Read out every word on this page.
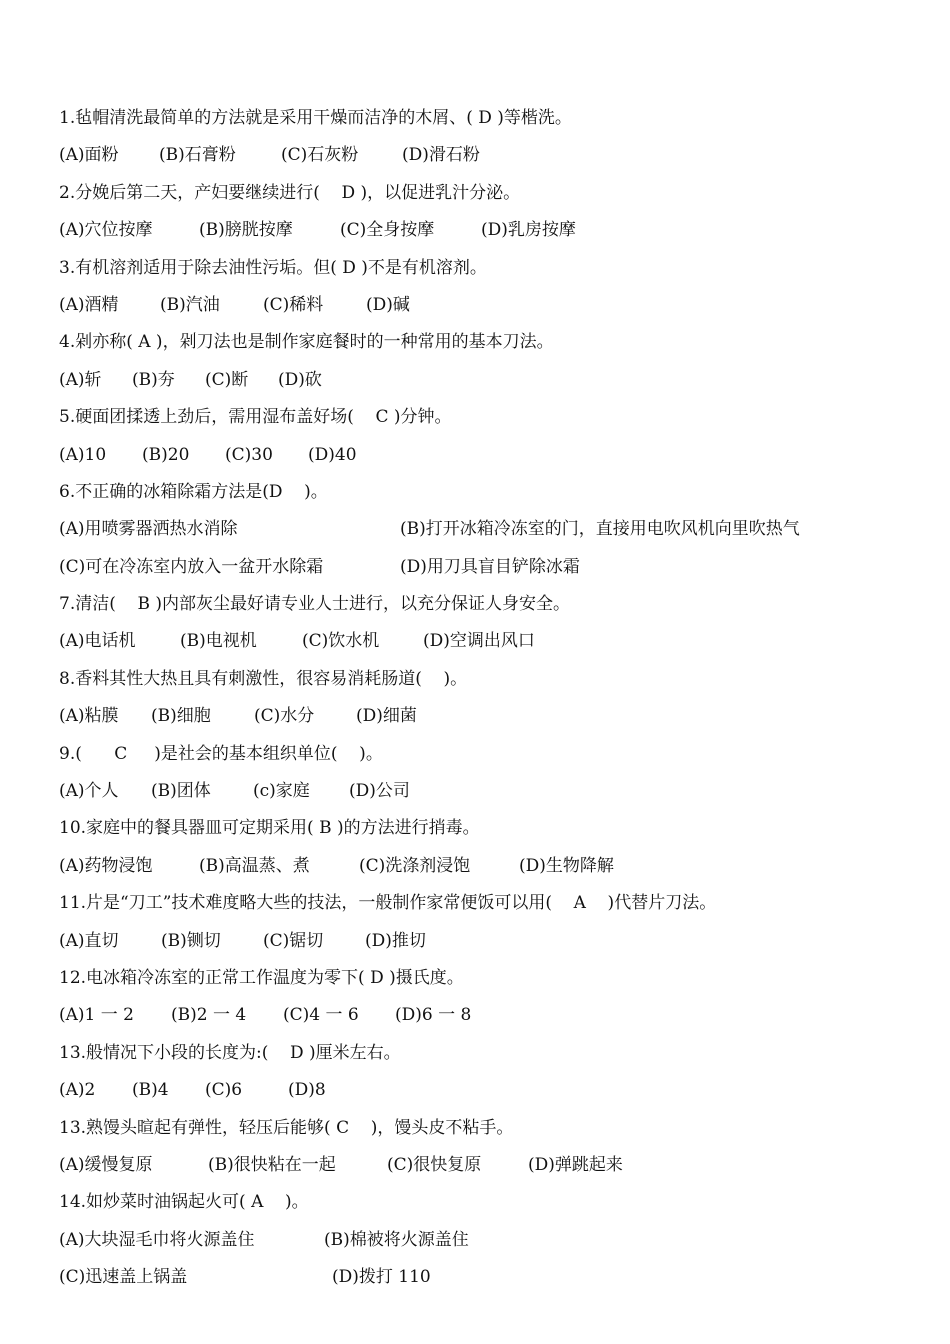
1.毡帽清洗最简单的方法就是采用干燥而洁净的木屑、( D )等楷洗。
(A)面粉	(B)石膏粉	(C)石灰粉	(D)滑石粉
2.分娩后第二天，产妇要继续进行(    D )，以促进乳汁分泌。
(A)穴位按摩	(B)膀胱按摩	(C)全身按摩	(D)乳房按摩
3.有机溶剂适用于除去油性污垢。但( D )不是有机溶剂。
(A)酒精	(B)汽油	(C)稀料	(D)碱
4.剁亦称( A )，剁刀法也是制作家庭餐时的一种常用的基本刀法。
(A)斩	(B)夯	(C)断	(D)砍
5.硬面团揉透上劲后，需用湿布盖好场(    C )分钟。
(A)10	(B)20	(C)30	(D)40
6.不正确的冰箱除霜方法是(D    )。
(A)用喷雾器洒热水消除	(B)打开冰箱冷冻室的门，直接用电吹风机向里吹热气
(C)可在冷冻室内放入一盆开水除霜	(D)用刀具盲目铲除冰霜
7.清洁(    B )内部灰尘最好请专业人士进行，以充分保证人身安全。
(A)电话机	(B)电视机	(C)饮水机	(D)空调出风口
8.香料其性大热且具有刺激性，很容易消耗肠道(    )。
(A)粘膜	(B)细胞	(C)水分	(D)细菌
9.(      C     )是社会的基本组织单位(    )。
(A)个人	(B)团体	(c)家庭	(D)公司
10.家庭中的餐具器皿可定期采用( B )的方法进行捎毒。
(A)药物浸饱	(B)高温蒸、煮	(C)洗涤剂浸饱	(D)生物降解
11.片是“刀工”技术难度略大些的技法，一般制作家常便饭可以用(    A    )代替片刀法。
(A)直切	(B)铡切	(C)锯切	(D)推切
12.电冰箱冷冻室的正常工作温度为零下( D )摄氏度。
(A)1 一 2	(B)2 一 4	(C)4 一 6	(D)6 一 8
13.般情况下小段的长度为:(    D )厘米左右。
(A)2	(B)4	(C)6	(D)8
13.熟馒头暄起有弹性，轻压后能够( C    )，馒头皮不粘手。
(A)缓慢复原	(B)很快粘在一起	(C)很快复原	(D)弹跳起来
14.如炒菜时油锅起火可( A    )。
(A)大块湿毛巾将火源盖住	(B)棉被将火源盖住
(C)迅速盖上锅盖	(D)拨打 110
